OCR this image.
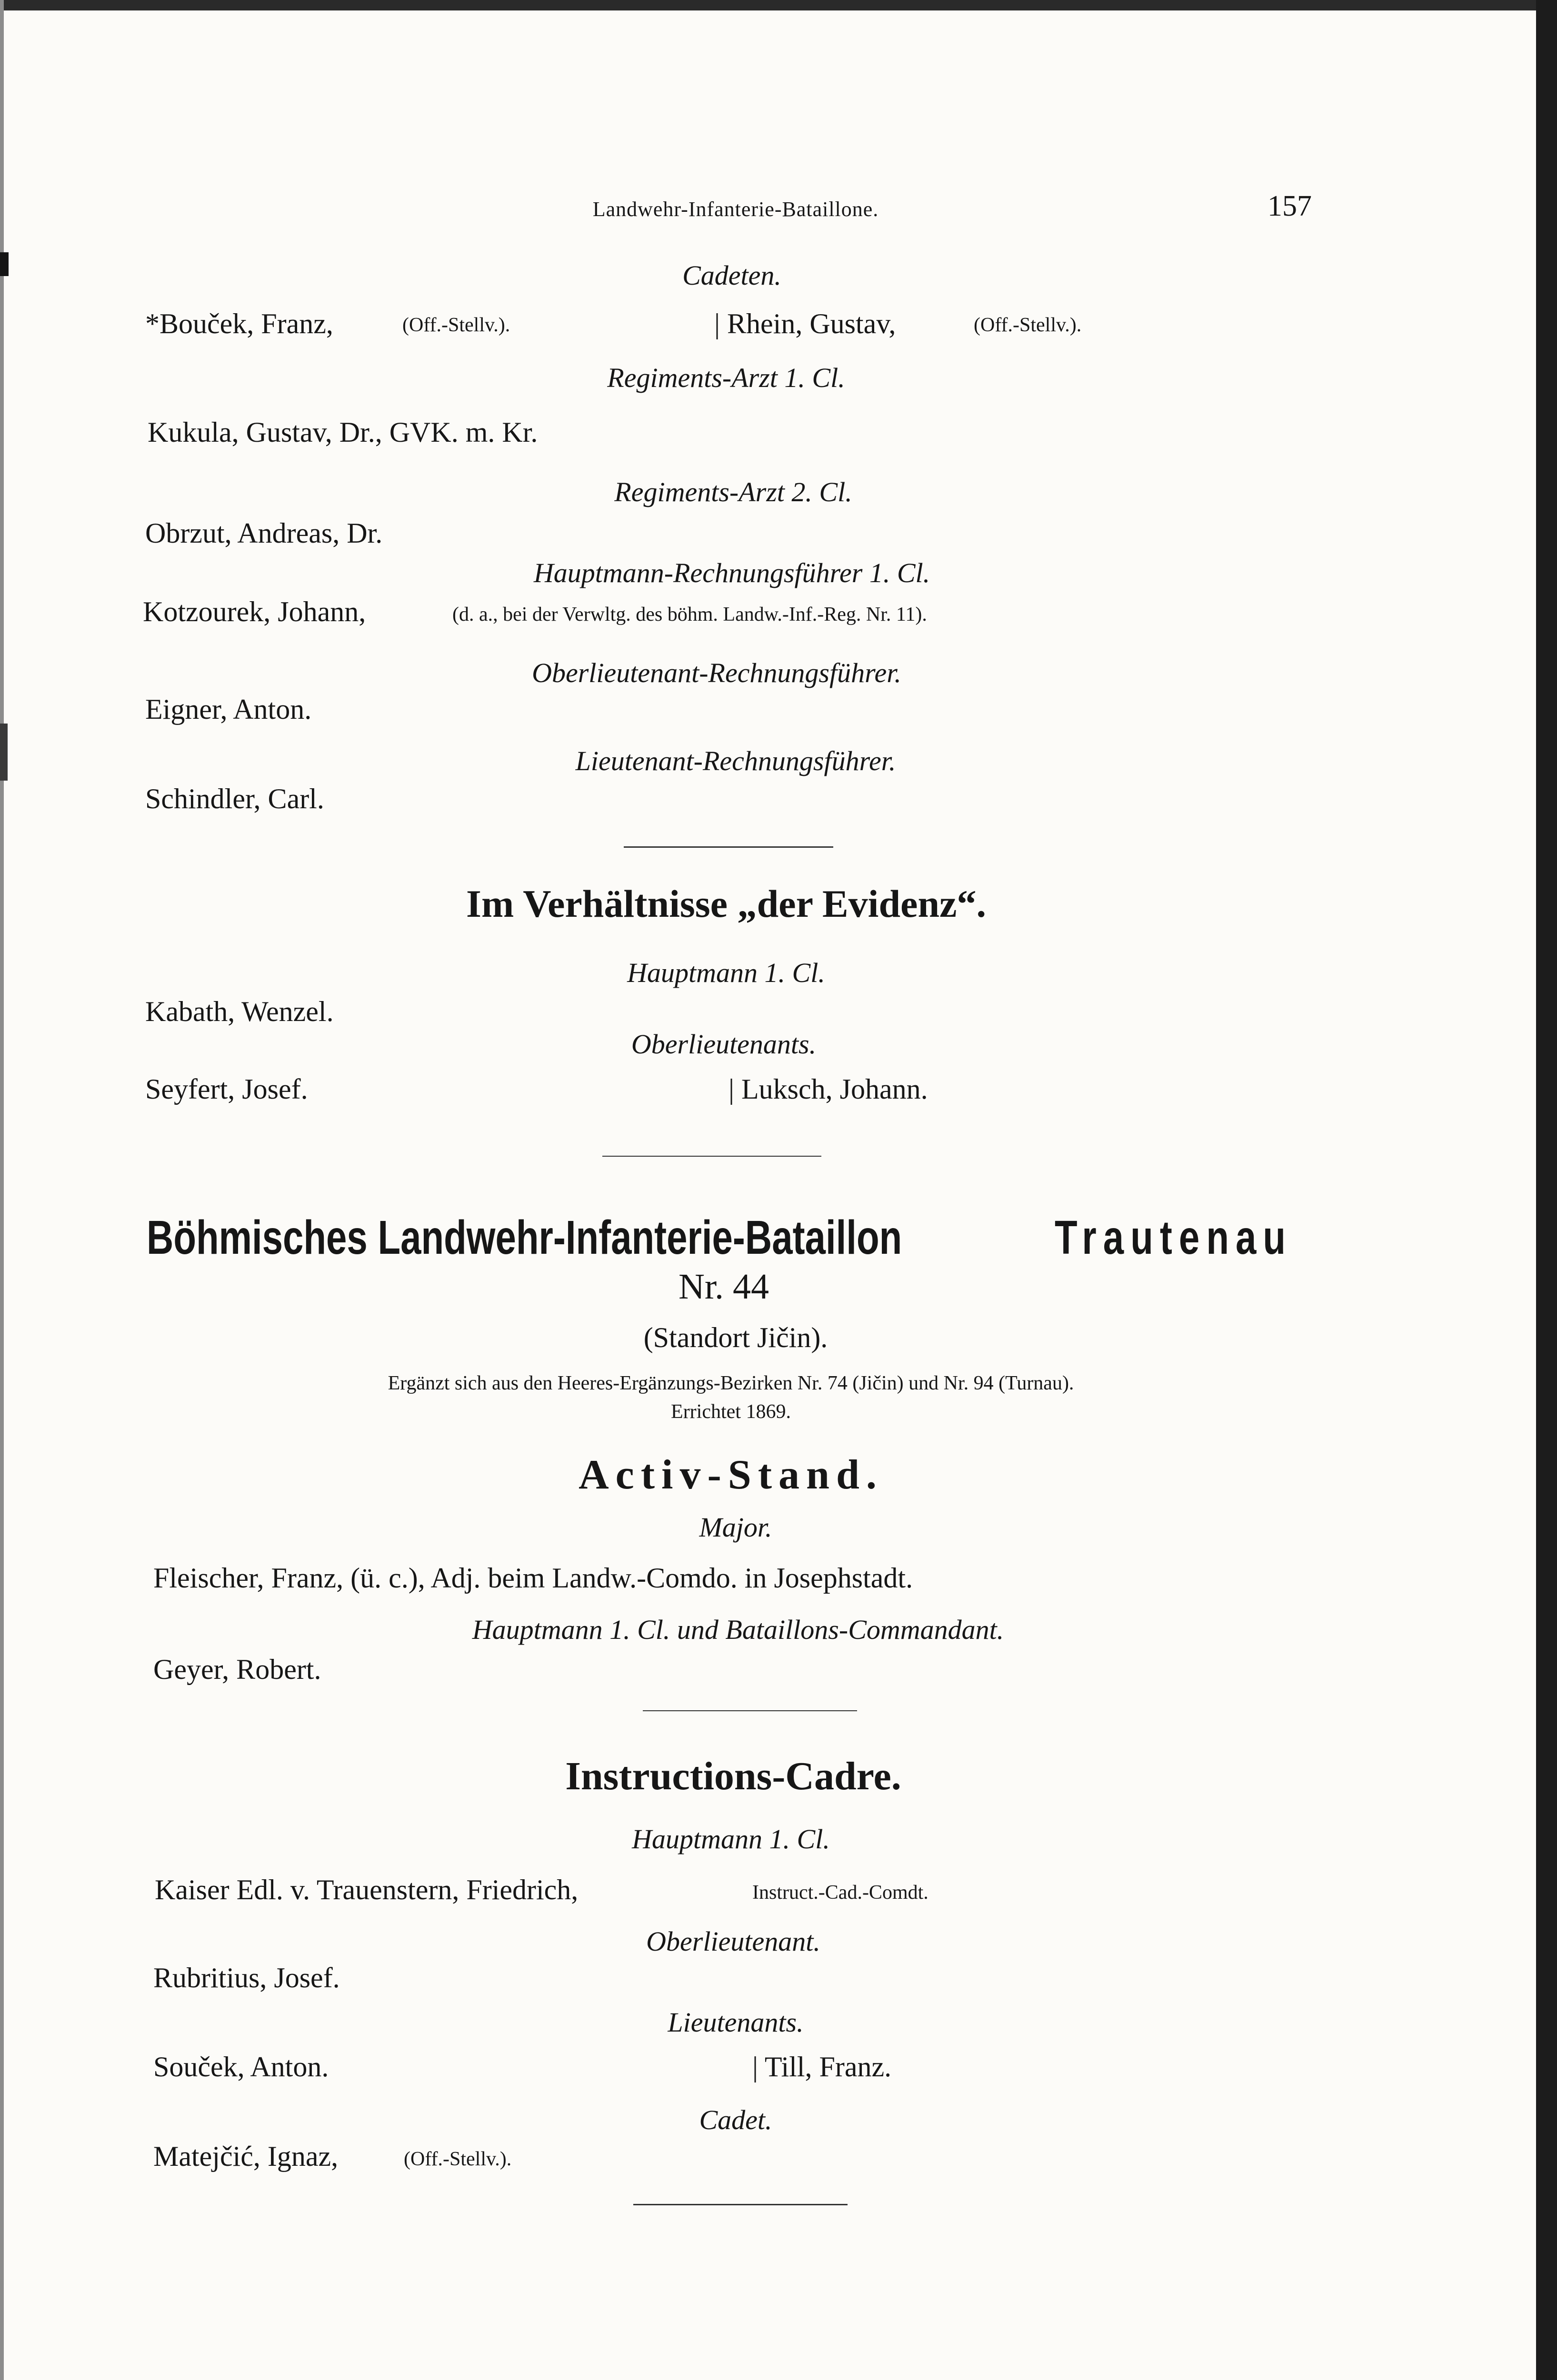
Landwehr-Infanterie-Bataillone.	157
Cadeten.
*Bouček, Franz,	(Off.-Stellv.).	| Rhein, Gustav,	(Off.-Stellv.).
Regiments-Arzt 1. Cl.
Kukula, Gustav, Dr., GVK. m. Kr.
Regiments-Arzt 2. Cl.
Obrzut, Andreas, Dr.
Hauptmann-Rechnungsführer 1. Cl.
Kotzourek, Johann,	(d. a., bei der Verwltg. des böhm. Landw.-Inf.-Reg. Nr. 11).
Oberlieutenant-Rechnungsführer.
Eigner, Anton.
Lieutenant-Rechnungsführer.
Schindler, Carl.
Im Verhältnisse „der Evidenz“.
Hauptmann 1. Cl.
Kabath, Wenzel.
Oberlieutenants.
Seyfert, Josef.	| Luksch, Johann.
Böhmisches Landwehr-Infanterie-Bataillon	Trautenau
Nr. 44
(Standort Jičin).
Ergänzt sich aus den Heeres-Ergänzungs-Bezirken Nr. 74 (Jičin) und Nr. 94 (Turnau).
Errichtet 1869.
Activ-Stand.
Major.
Fleischer, Franz, (ü. c.), Adj. beim Landw.-Comdo. in Josephstadt.
Hauptmann 1. Cl. und Bataillons-Commandant.
Geyer, Robert.
Instructions-Cadre.
Hauptmann 1. Cl.
Kaiser Edl. v. Trauenstern, Friedrich,	Instruct.-Cad.-Comdt.
Oberlieutenant.
Rubritius, Josef.
Lieutenants.
Souček, Anton.	| Till, Franz.
Cadet.
Matejčić, Ignaz,	(Off.-Stellv.).
